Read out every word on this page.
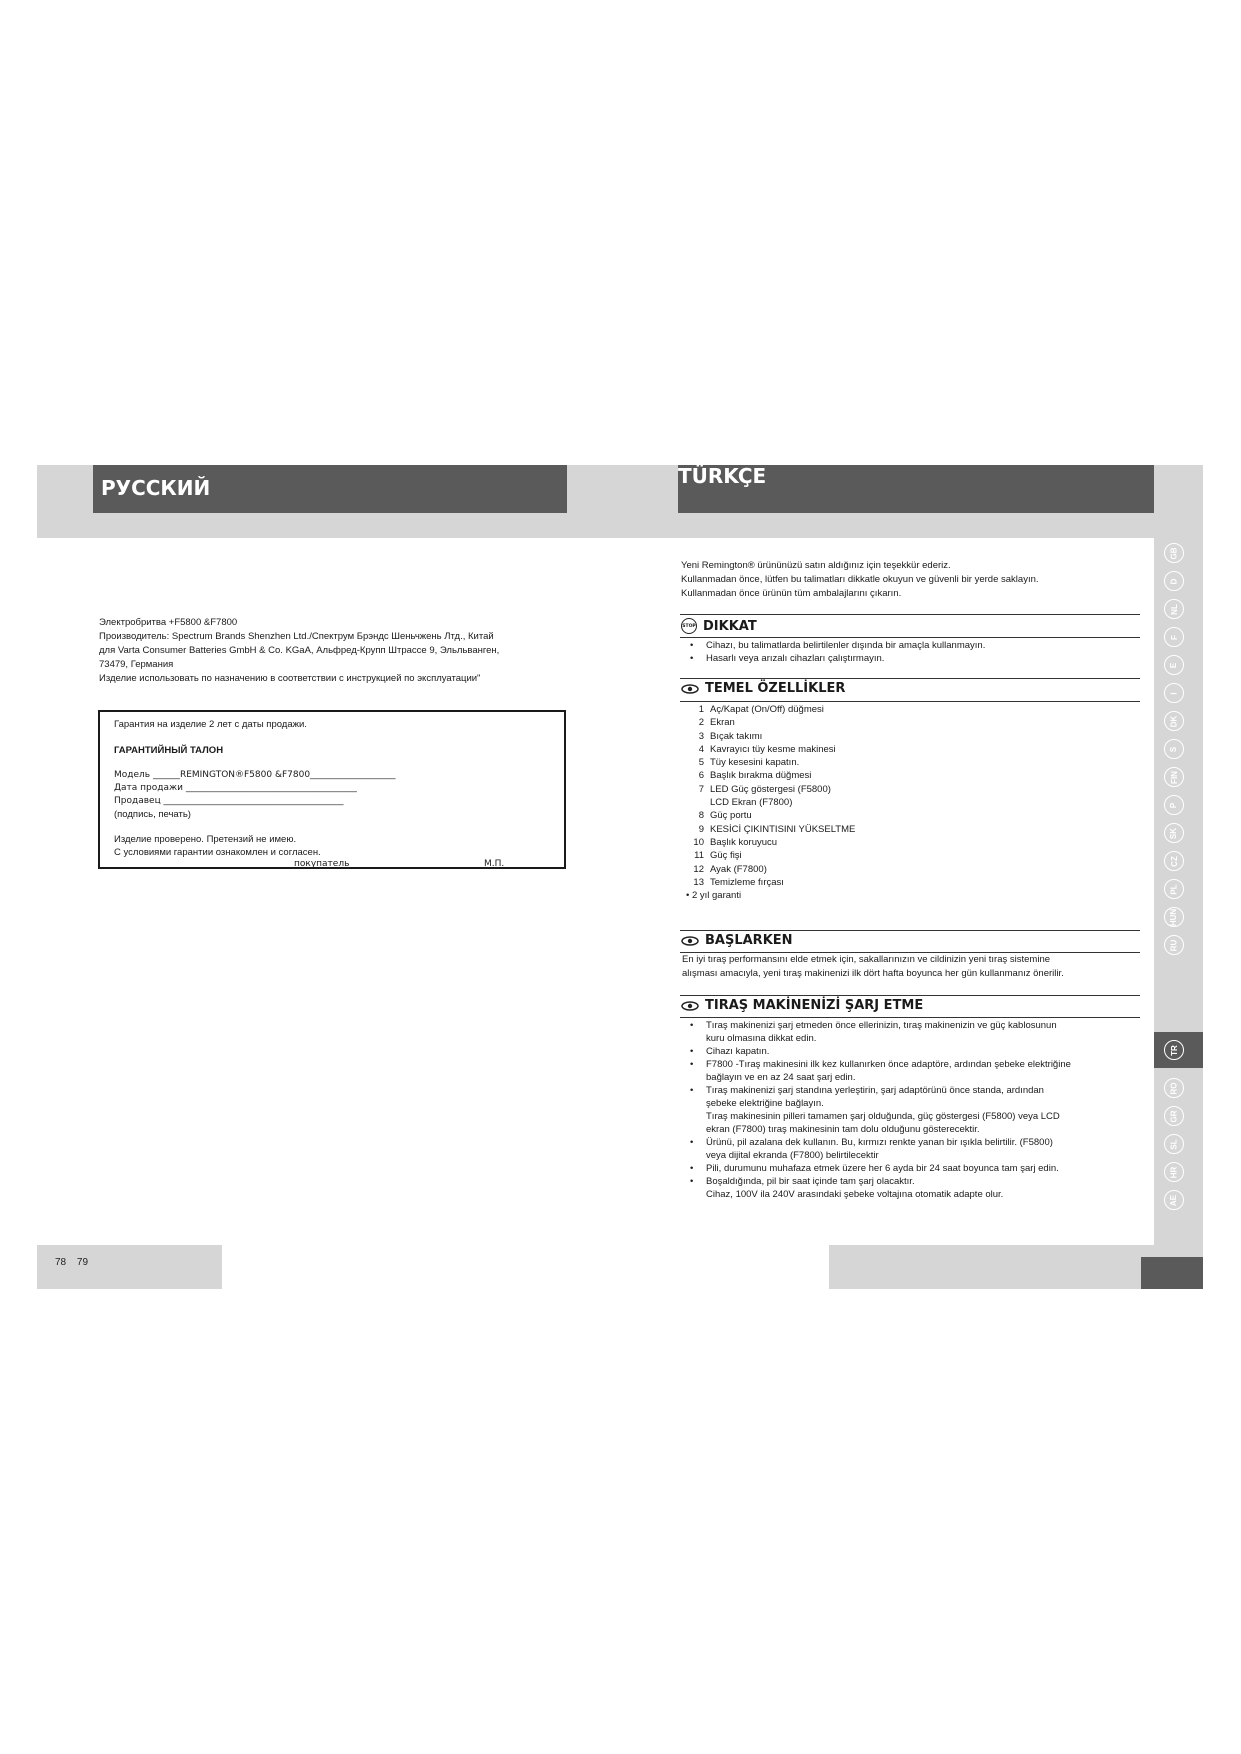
РУССКИЙ	TÜRKÇE
Электробритва +F5800 &F7800
Производитель: Spectrum Brands Shenzhen Ltd./Спектрум Брэндс Шеньчжень Лтд., Китай
для Varta Consumer Batteries GmbH & Co. KGaA, Альфред-Крупп Штрассе 9, Эльльванген,
73479, Германия
Изделие использовать по назначению в соответствии с инструкцией по эксплуатации"
Гарантия на изделие 2 лет с даты продажи.
ГАРАНТИЙНЫЙ ТАЛОН
Модель ______REMINGTON®F5800 &F7800___________________
Дата продажи ______________________________________
Продавец ________________________________________
(подпись, печать)
Изделие проверено. Претензий не имею.
С условиями гарантии ознакомлен и согласен.
________________________________________покупатель	М.П.
Yeni Remington® ürününüzü satın aldığınız için teşekkür ederiz.
Kullanmadan önce, lütfen bu talimatları dikkatle okuyun ve güvenli bir yerde saklayın.
Kullanmadan önce ürünün tüm ambalajlarını çıkarın.
STOP DIKKAT
• Cihazı, bu talimatlarda belirtilenler dışında bir amaçla kullanmayın.
• Hasarlı veya arızalı cihazları çalıştırmayın.
TEMEL ÖZELLİKLER
1 Aç/Kapat (On/Off) düğmesi
2 Ekran
3 Bıçak takımı
4 Kavrayıcı tüy kesme makinesi
5 Tüy kesesini kapatın.
6 Başlık bırakma düğmesi
7 LED Güç göstergesi (F5800)
LCD Ekran (F7800)
8 Güç portu
9 KESİCİ ÇIKINTISINI YÜKSELTME
10 Başlık koruyucu
11 Güç fişi
12 Ayak (F7800)
13 Temizleme fırçası
• 2 yıl garanti
BAŞLARKEN
En iyi tıraş performansını elde etmek için, sakallarınızın ve cildinizin yeni tıraş sistemine
alışması amacıyla, yeni tıraş makinenizi ilk dört hafta boyunca her gün kullanmanız önerilir.
TIRAŞ MAKİNENİZİ ŞARJ ETME
• Tıraş makinenizi şarj etmeden önce ellerinizin, tıraş makinenizin ve güç kablosunun
kuru olmasına dikkat edin.
• Cihazı kapatın.
• F7800 -Tıraş makinesini ilk kez kullanırken önce adaptöre, ardından şebeke elektriğine
bağlayın ve en az 24 saat şarj edin.
• Tıraş makinenizi şarj standına yerleştirin, şarj adaptörünü önce standa, ardından
şebeke elektriğine bağlayın.
Tıraş makinesinin pilleri tamamen şarj olduğunda, güç göstergesi (F5800) veya LCD
ekran (F7800) tıraş makinesinin tam dolu olduğunu gösterecektir.
• Ürünü, pil azalana dek kullanın. Bu, kırmızı renkte yanan bir ışıkla belirtilir. (F5800)
veya dijital ekranda (F7800) belirtilecektir
• Pili, durumunu muhafaza etmek üzere her 6 ayda bir 24 saat boyunca tam şarj edin.
• Boşaldığında, pil bir saat içinde tam şarj olacaktır.
Cihaz, 100V ila 240V arasındaki şebeke voltajına otomatik adapte olur.
GB
D
NL
F
E
I
DK
S
FIN
P
SK
CZ
PL
HUN
RU
TR
RO
GR
SL
HR
AE
78 79
